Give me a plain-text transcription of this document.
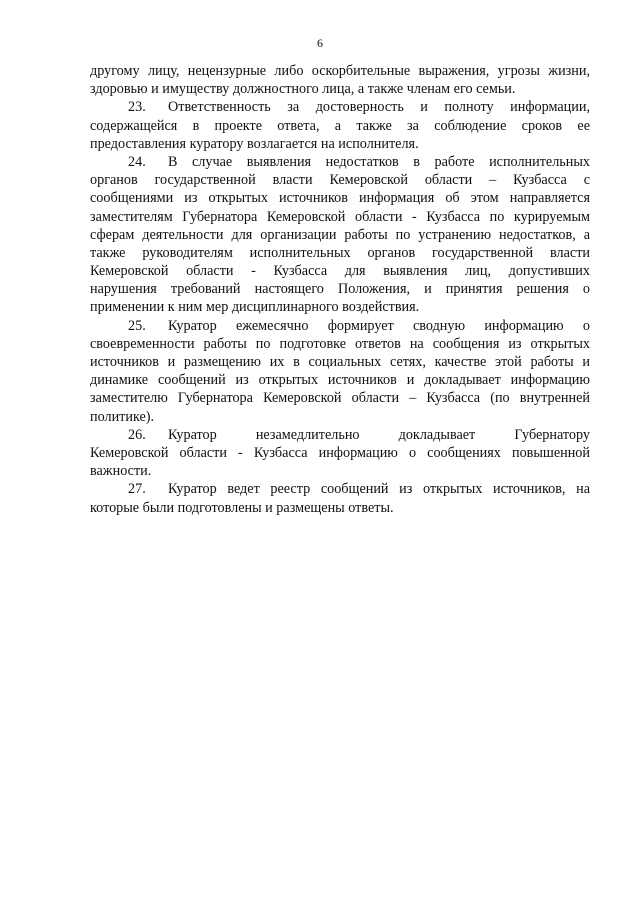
6
другому лицу, нецензурные либо оскорбительные выражения, угрозы жизни,
здоровью и имуществу должностного лица, а также членам его семьи.
23. Ответственность за достоверность и полноту информации,
содержащейся в проекте ответа, а также за соблюдение сроков ее
предоставления куратору возлагается на исполнителя.
24. В случае выявления недостатков в работе исполнительных
органов государственной власти Кемеровской области – Кузбасса с
сообщениями из открытых источников информация об этом направляется
заместителям Губернатора Кемеровской области - Кузбасса по курируемым
сферам деятельности для организации работы по устранению недостатков, а
также руководителям исполнительных органов государственной власти
Кемеровской области - Кузбасса для выявления лиц, допустивших
нарушения требований настоящего Положения, и принятия решения о
применении к ним мер дисциплинарного воздействия.
25. Куратор ежемесячно формирует сводную информацию о
своевременности работы по подготовке ответов на сообщения из открытых
источников и размещению их в социальных сетях, качестве этой работы и
динамике сообщений из открытых источников и докладывает информацию
заместителю Губернатора Кемеровской области – Кузбасса (по внутренней
политике).
26. Куратор незамедлительно докладывает Губернатору
Кемеровской области - Кузбасса информацию о сообщениях повышенной
важности.
27. Куратор ведет реестр сообщений из открытых источников, на
которые были подготовлены и размещены ответы.
